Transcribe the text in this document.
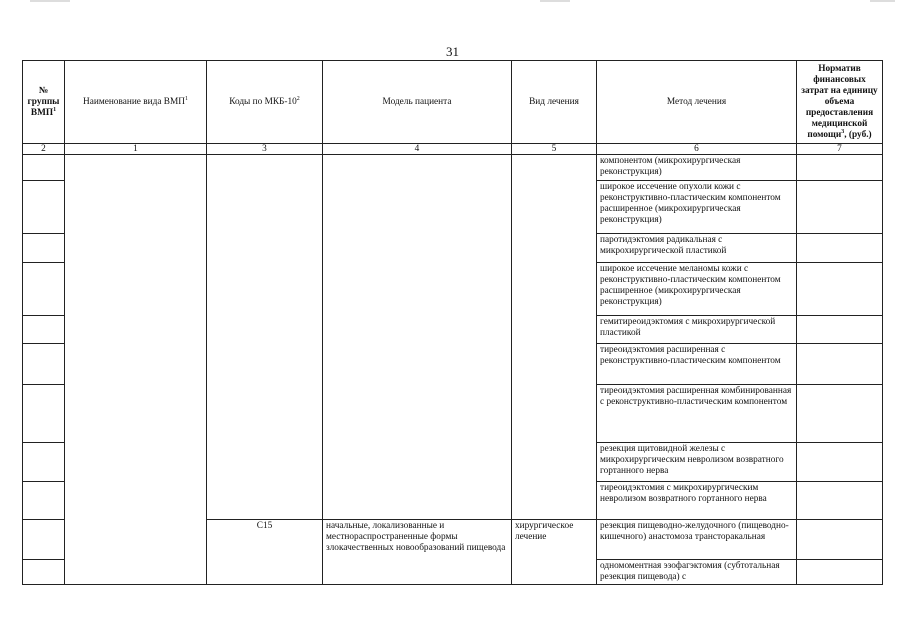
31
№ группы ВМП$^1$	Наименование вида ВМП$^1$	Коды по МКБ-$10^2$	Модель пациента	Вид лечения	Метод лечения	Норматив финансовых затрат на единицу объема предоставления медицинской помощи$^3$, (руб.)
2	1	3	4	5	6	7
					компонентом (микрохирургическая реконструкция)	
					широкое иссечение опухоли кожи с реконструктивно-пластическим компонентом расширенное (микрохирургическая реконструкция)	
					паротидэктомия радикальная с микрохирургической пластикой	
					широкое иссечение меланомы кожи с реконструктивно-пластическим компонентом расширенное (микрохирургическая реконструкция)	
					гемитиреоидэктомия с микрохирургической пластикой	
					тиреоидэктомия расширенная с реконструктивно-пластическим компонентом	
					тиреоидэктомия расширенная комбинированная с реконструктивно-пластическим компонентом	
					резекция щитовидной железы с микрохирургическим невролизом возвратного гортанного нерва	
					тиреоидэктомия с микрохирургическим невролизом возвратного гортанного нерва	
		C15	начальные, локализованные и местнораспространенные формы злокачественных новообразований пищевода	хирургическое лечение	резекция пищеводно-желудочного (пищеводно-кишечного) анастомоза трансторакальная	
					одномоментная эзофагэктомия (субтотальная резекция пищевода) с	
